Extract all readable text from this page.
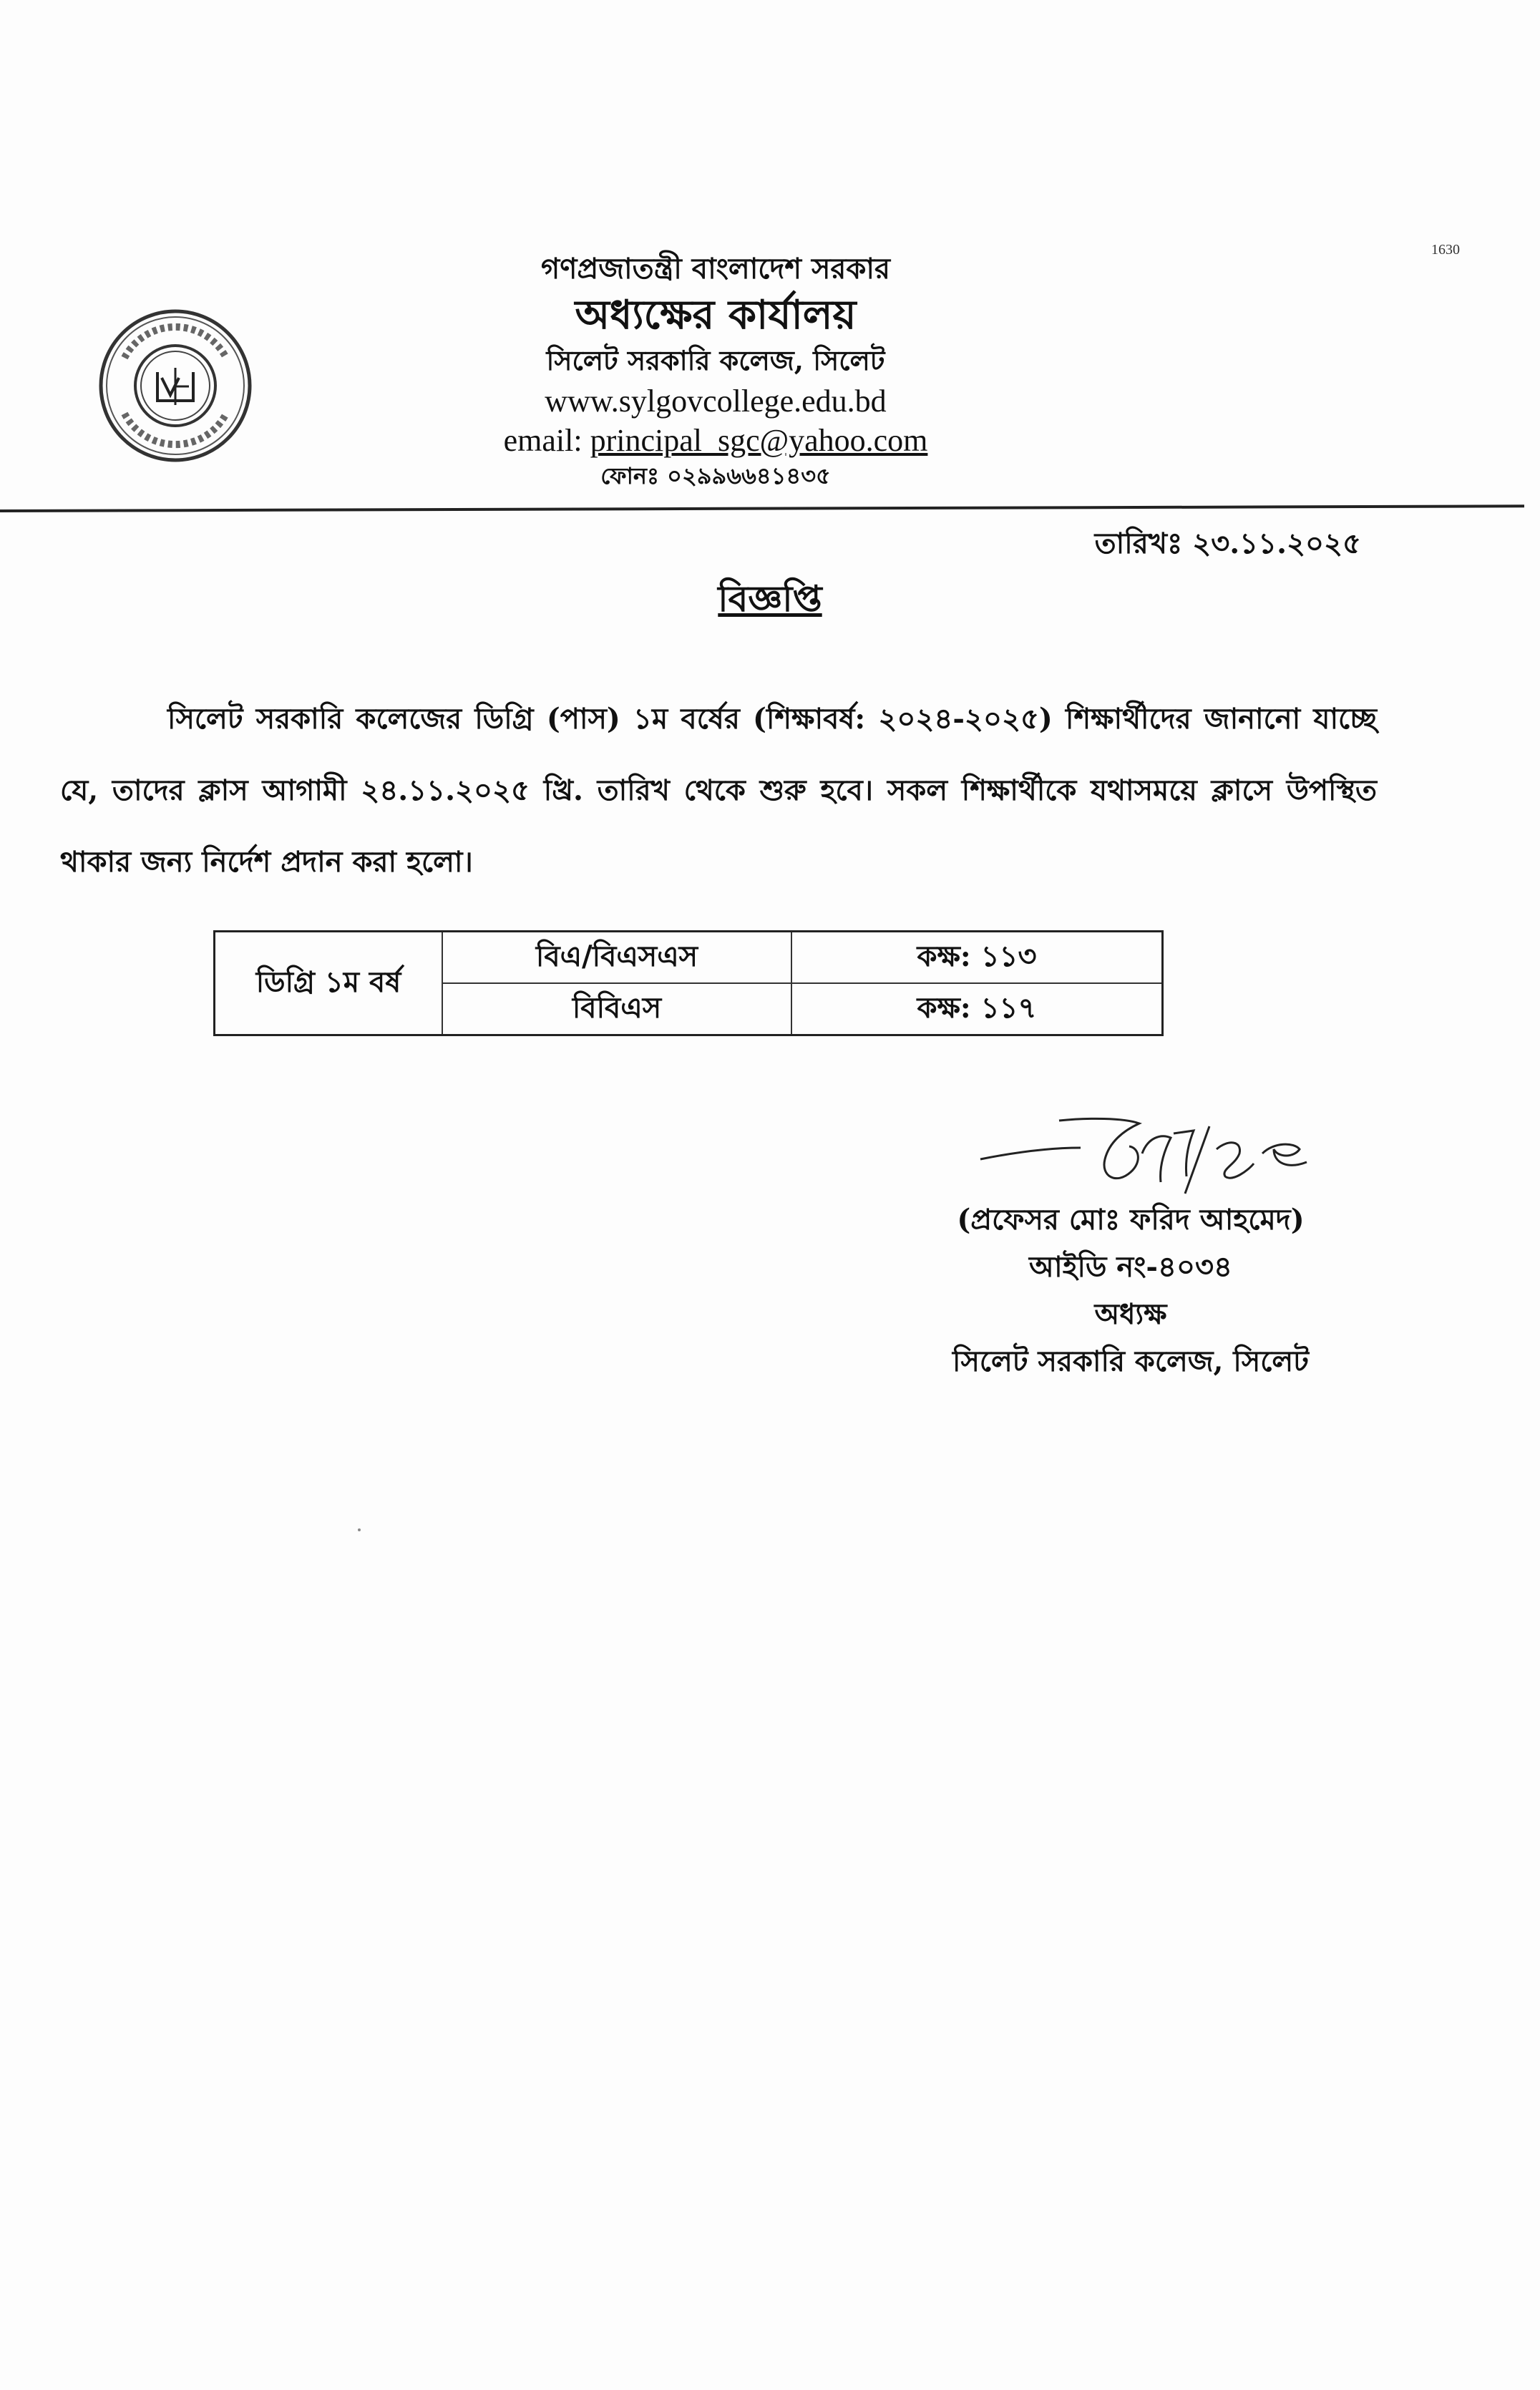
1630
গণপ্রজাতন্ত্রী বাংলাদেশ সরকার
অধ্যক্ষের কার্যালয়
সিলেট সরকারি কলেজ, সিলেট
www.sylgovcollege.edu.bd
email: principal_sgc@yahoo.com
ফোনঃ ০২৯৯৬৬৪১৪৩৫
তারিখঃ ২৩.১১.২০২৫
বিজ্ঞপ্তি
সিলেট সরকারি কলেজের ডিগ্রি (পাস) ১ম বর্ষের (শিক্ষাবর্ষ: ২০২৪-২০২৫) শিক্ষার্থীদের জানানো যাচ্ছে যে, তাদের ক্লাস আগামী ২৪.১১.২০২৫ খ্রি. তারিখ থেকে শুরু হবে। সকল শিক্ষার্থীকে যথাসময়ে ক্লাসে উপস্থিত থাকার জন্য নির্দেশ প্রদান করা হলো।
ডিগ্রি ১ম বর্ষ	বিএ/বিএসএস	কক্ষ: ১১৩
	বিবিএস	কক্ষ: ১১৭
(প্রফেসর মোঃ ফরিদ আহমেদ)
আইডি নং-৪০৩৪
অধ্যক্ষ
সিলেট সরকারি কলেজ, সিলেট
